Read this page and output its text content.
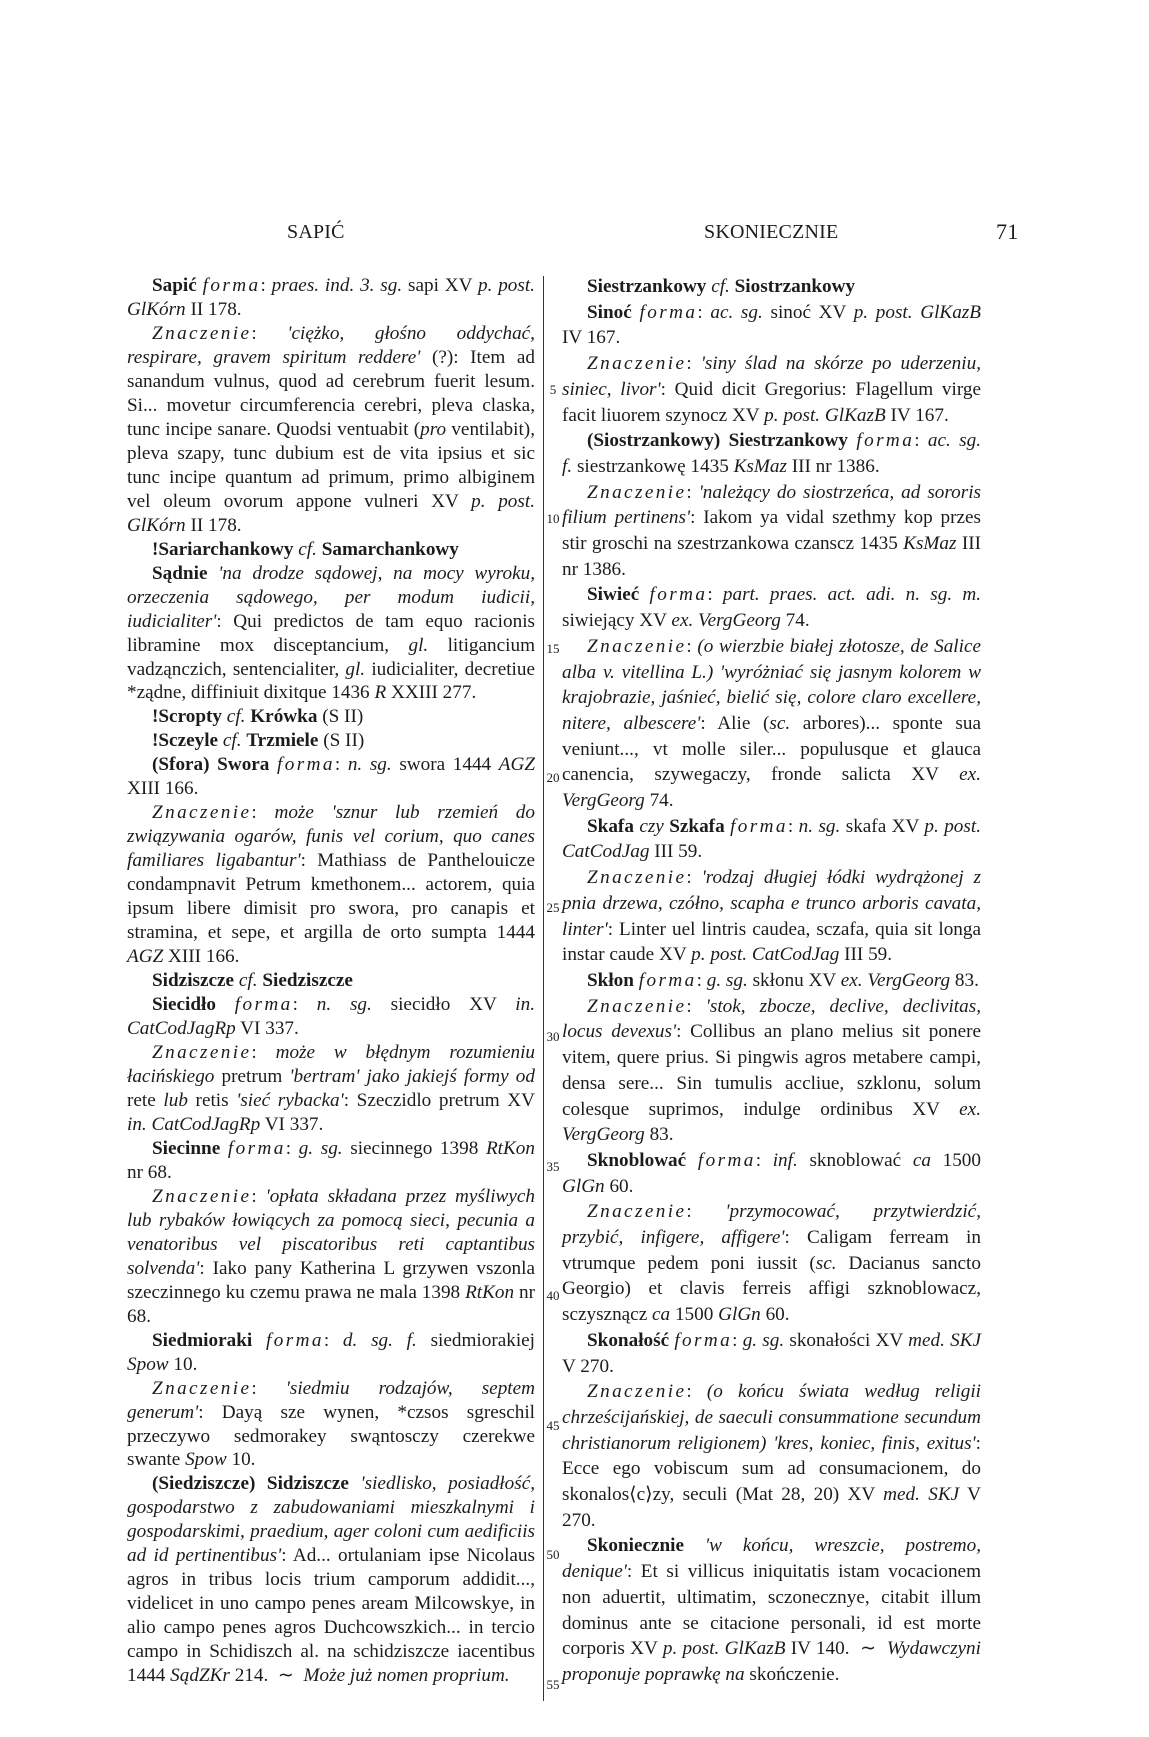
SAPIĆ	SKONIECZNIE	71

Sapić forma: praes. ind. 3. sg. sapi XV p. post. GlKórn II 178.

Znaczenie: 'ciężko, głośno oddychać, respirare, gravem spiritum reddere' (?): Item ad sanandum vulnus, quod ad cerebrum fuerit lesum. Si... movetur circumferencia cerebri, pleva claska, tunc incipe sanare. Quodsi ventuabit (pro ventilabit), pleva szapy, tunc dubium est de vita ipsius et sic tunc incipe quantum ad primum, primo albiginem vel oleum ovorum appone vulneri XV p. post. GlKórn II 178.

!Sariarchankowy cf. Samarchankowy

Sądnie 'na drodze sądowej, na mocy wyroku, orzeczenia sądowego, per modum iudicii, iudicialiter': Qui predictos de tam equo racionis libramine mox disceptancium, gl. litigancium vadząnczich, sentencialiter, gl. iudicialiter, decretiue *ządne, diffiniuit dixitque 1436 R XXIII 277.

!Scropty cf. Krówka (S II)

!Sczeyle cf. Trzmiele (S II)

(Sfora) Swora forma: n. sg. swora 1444 AGZ XIII 166.

Znaczenie: może 'sznur lub rzemień do związywania ogarów, funis vel corium, quo canes familiares ligabantur': Mathiass de Panthelouicze condampnavit Petrum kmethonem... actorem, quia ipsum libere dimisit pro swora, pro canapis et stramina, et sepe, et argilla de orto sumpta 1444 AGZ XIII 166.

Sidziszcze cf. Siedziszcze

Siecidło forma: n. sg. siecidło XV in. CatCodJagRp VI 337.

Znaczenie: może w błędnym rozumieniu łacińskiego pretrum 'bertram' jako jakiejś formy od rete lub retis 'sieć rybacka': Szeczidlo pretrum XV in. CatCodJagRp VI 337.

Siecinne forma: g. sg. siecinnego 1398 RtKon nr 68.

Znaczenie: 'opłata składana przez myśliwych lub rybaków łowiących za pomocą sieci, pecunia a venatoribus vel piscatoribus reti captantibus solvenda': Iako pany Katherina L grzywen vszonla szeczinnego ku czemu prawa ne mala 1398 RtKon nr 68.

Siedmioraki forma: d. sg. f. siedmiorakiej Spow 10.

Znaczenie: 'siedmiu rodzajów, septem generum': Dayą sze wynen, *czsos sgreschil przeczywo sedmorakey swąntosczy czerekwe swante Spow 10.

(Siedziszcze) Sidziszcze 'siedlisko, posiadłość, gospodarstwo z zabudowaniami mieszkalnymi i gospodarskimi, praedium, ager coloni cum aedificiis ad id pertinentibus': Ad... ortulaniam ipse Nicolaus agros in tribus locis trium camporum addidit..., videlicet in uno campo penes aream Milcowskye, in alio campo penes agros Duchcowszkich... in tercio campo in Schidiszch al. na schidziszcze iacentibus 1444 SądZKr 214.  ∼  Może już nomen proprium.

5
10
15
20
25
30
35
40
45
50
55

Siestrzankowy cf. Siostrzankowy

Sinoć forma: ac. sg. sinoć XV p. post. GlKazB IV 167.

Znaczenie: 'siny ślad na skórze po uderzeniu, siniec, livor': Quid dicit Gregorius: Flagellum virge facit liuorem szynocz XV p. post. GlKazB IV 167.

(Siostrzankowy) Siestrzankowy forma: ac. sg. f. siestrzankowę 1435 KsMaz III nr 1386.

Znaczenie: 'należący do siostrzeńca, ad sororis filium pertinens': Iakom ya vidal szethmy kop przes stir groschi na szestrzankowa czanscz 1435 KsMaz III nr 1386.

Siwieć forma: part. praes. act. adi. n. sg. m. siwiejący XV ex. VergGeorg 74.

Znaczenie: (o wierzbie białej złotosze, de Salice alba v. vitellina L.) 'wyróżniać się jasnym kolorem w krajobrazie, jaśnieć, bielić się, colore claro excellere, nitere, albescere': Alie (sc. arbores)... sponte sua veniunt..., vt molle siler... populusque et glauca canencia, szywegaczy, fronde salicta XV ex. VergGeorg 74.

Skafa czy Szkafa forma: n. sg. skafa XV p. post. CatCodJag III 59.

Znaczenie: 'rodzaj długiej łódki wydrążonej z pnia drzewa, czółno, scapha e trunco arboris cavata, linter': Linter uel lintris caudea, sczafa, quia sit longa instar caude XV p. post. CatCodJag III 59.

Skłon forma: g. sg. skłonu XV ex. VergGeorg 83.

Znaczenie: 'stok, zbocze, declive, declivitas, locus devexus': Collibus an plano melius sit ponere vitem, quere prius. Si pingwis agros metabere campi, densa sere... Sin tumulis accliue, szklonu, solum colesque suprimos, indulge ordinibus XV ex. VergGeorg 83.

Sknoblować forma: inf. sknoblować ca 1500 GlGn 60.

Znaczenie: 'przymocować, przytwierdzić, przybić, infigere, affigere': Caligam ferream in vtrumque pedem poni iussit (sc. Dacianus sancto Georgio) et clavis ferreis affigi szknoblowacz, sczysznącz ca 1500 GlGn 60.

Skonałość forma: g. sg. skonałości XV med. SKJ V 270.

Znaczenie: (o końcu świata według religii chrześcijańskiej, de saeculi consummatione secundum christianorum religionem) 'kres, koniec, finis, exitus': Ecce ego vobiscum sum ad consumacionem, do skonalos⟨c⟩zy, seculi (Mat 28, 20) XV med. SKJ V 270.

Skoniecznie 'w końcu, wreszcie, postremo, denique': Et si villicus iniquitatis istam vocacionem non aduertit, ultimatim, sczonecznye, citabit illum dominus ante se citacione personali, id est morte corporis XV p. post. GlKazB IV 140.  ∼  Wydawczyni proponuje poprawkę na skończenie.
